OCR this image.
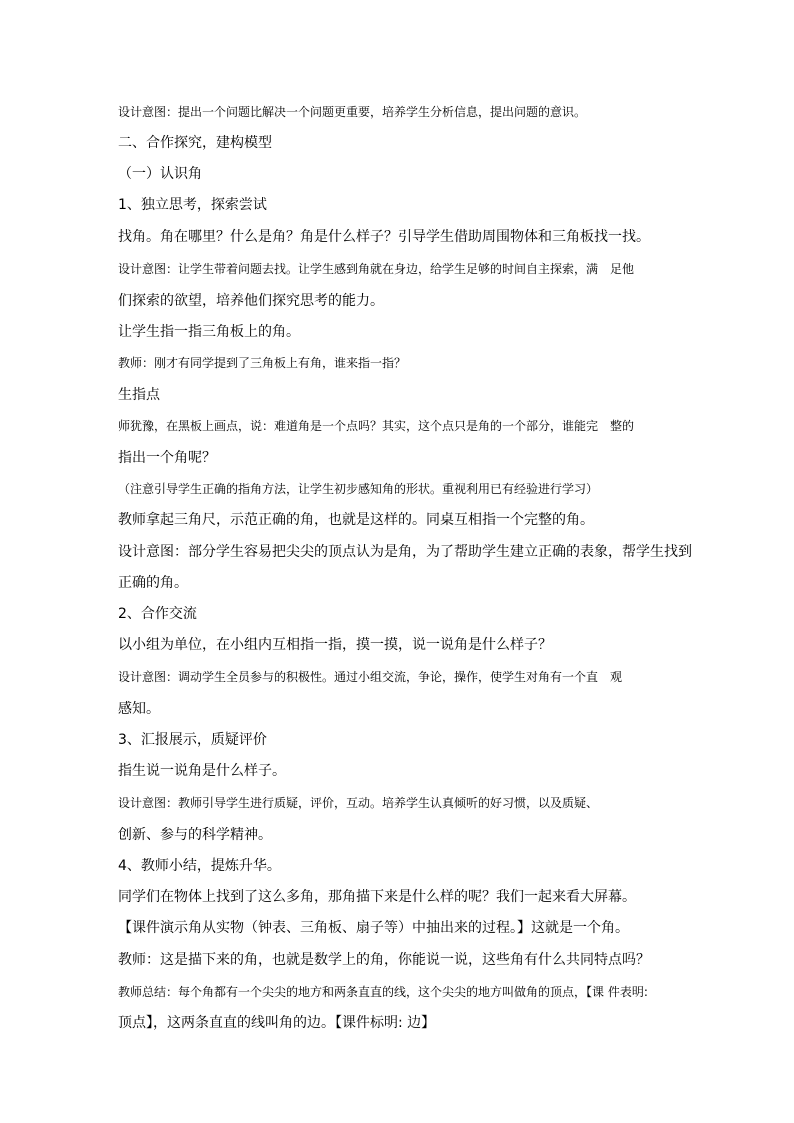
设计意图：提出一个问题比解决一个问题更重要，培养学生分析信息，提出问题的意识。
二、合作探究，建构模型
（一）认识角
1、独立思考，探索尝试
找角。角在哪里？什么是角？角是什么样子？引导学生借助周围物体和三角板找一找。
设计意图：让学生带着问题去找。让学生感到角就在身边，给学生足够的时间自主探索，满　足他
们探索的欲望，培养他们探究思考的能力。
让学生指一指三角板上的角。
教师：刚才有同学提到了三角板上有角，谁来指一指？
生指点
师犹豫，在黑板上画点，说：难道角是一个点吗？其实，这个点只是角的一个部分，谁能完　整的
指出一个角呢？
（注意引导学生正确的指角方法，让学生初步感知角的形状。重视利用已有经验进行学习）
教师拿起三角尺，示范正确的角，也就是这样的。同桌互相指一个完整的角。
设计意图：部分学生容易把尖尖的顶点认为是角，为了帮助学生建立正确的表象，帮学生找到
正确的角。
2、合作交流
以小组为单位，在小组内互相指一指，摸一摸，说一说角是什么样子？
设计意图：调动学生全员参与的积极性。通过小组交流，争论，操作，使学生对角有一个直　观
感知。
3、汇报展示，质疑评价
指生说一说角是什么样子。
设计意图：教师引导学生进行质疑，评价，互动。培养学生认真倾听的好习惯，以及质疑、
创新、参与的科学精神。
4、教师小结，提炼升华。
同学们在物体上找到了这么多角，那角描下来是什么样的呢？我们一起来看大屏幕。
【课件演示角从实物（钟表、三角板、扇子等）中抽出来的过程。】这就是一个角。
教师：这是描下来的角，也就是数学上的角，你能说一说，这些角有什么共同特点吗？
教师总结：每个角都有一个尖尖的地方和两条直直的线，这个尖尖的地方叫做角的顶点，【课 件表明:
顶点】，这两条直直的线叫角的边。【课件标明: 边】
